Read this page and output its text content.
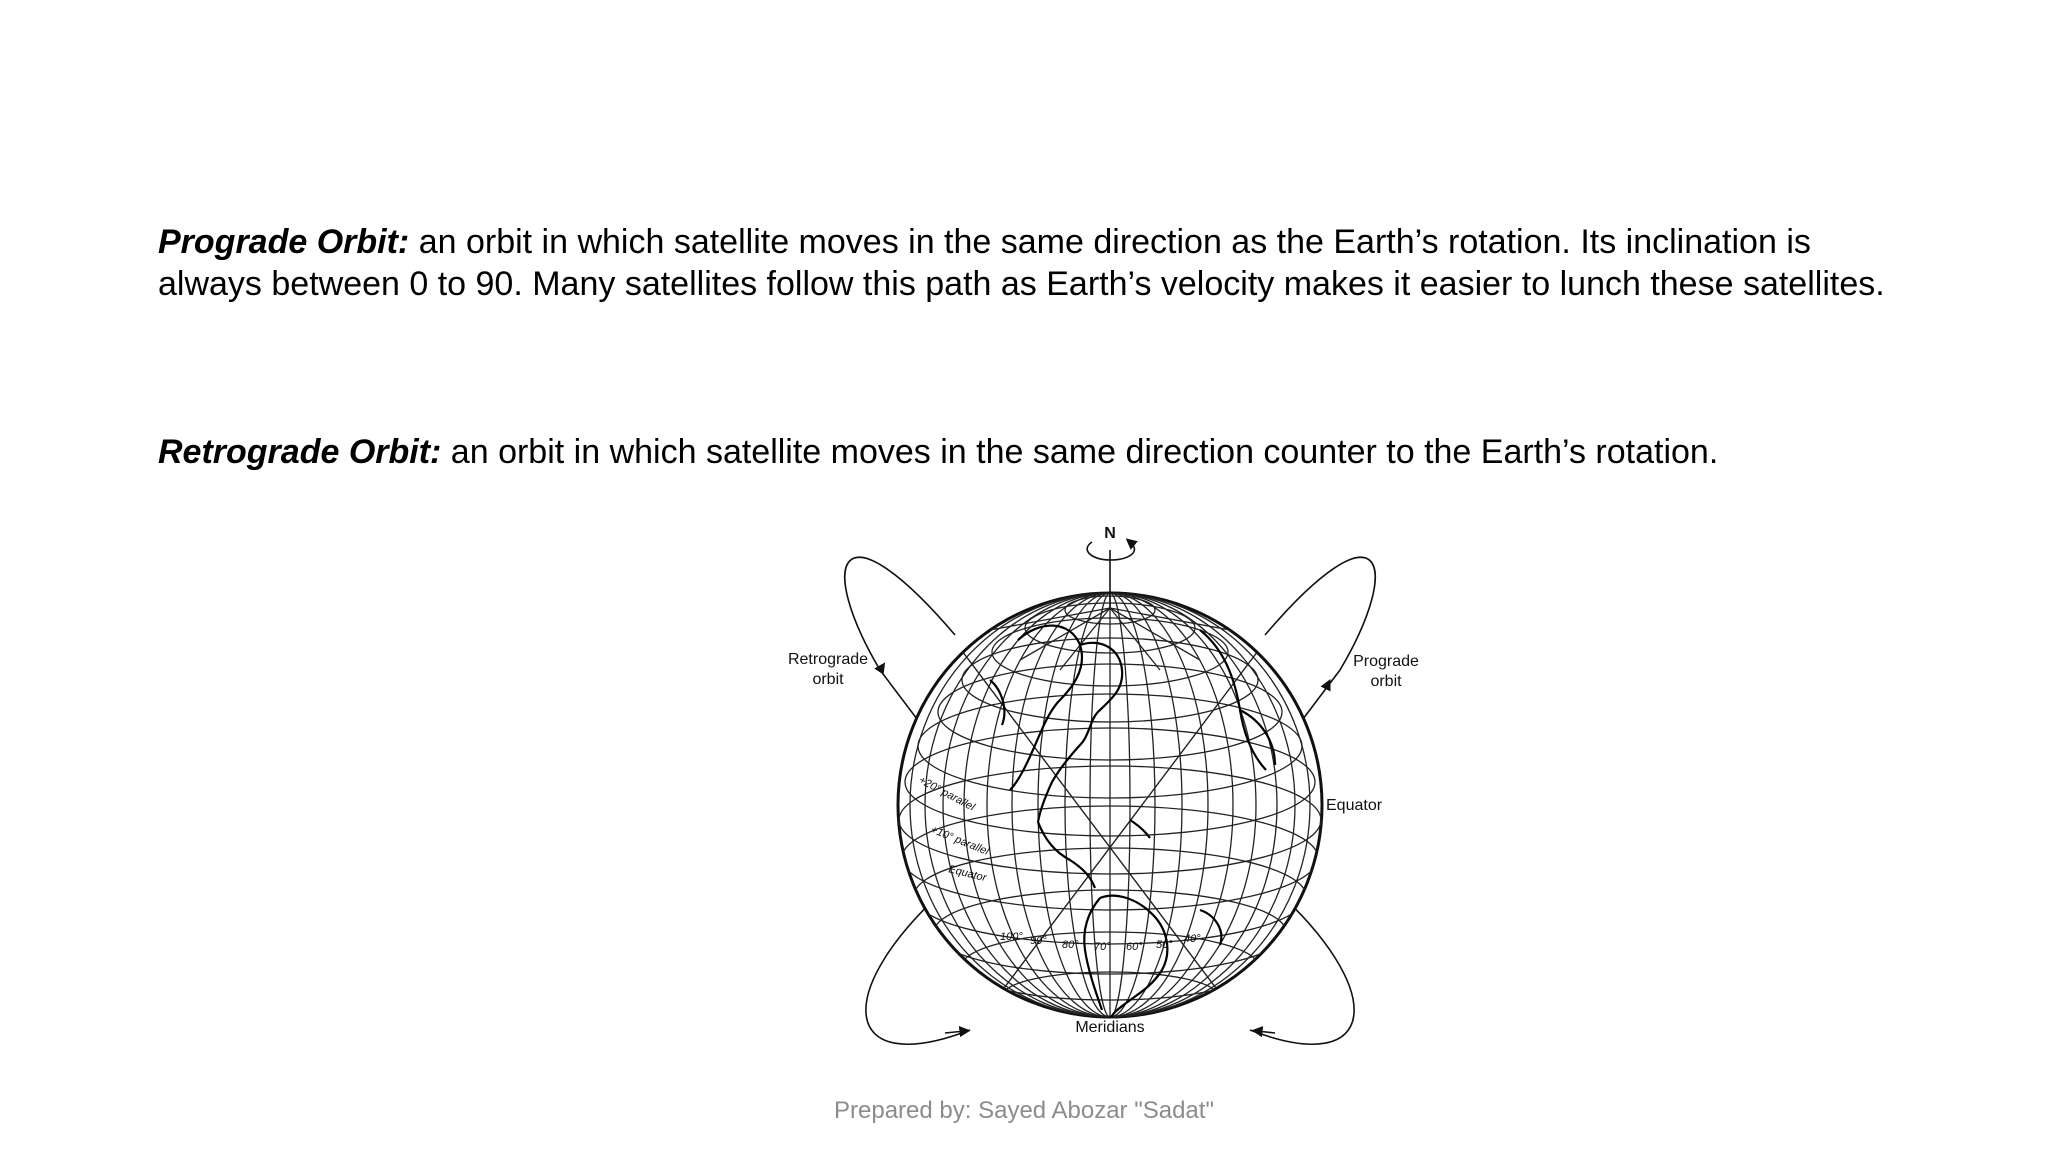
Prograde Orbit: an orbit in which satellite moves in the same direction as the Earth’s rotation. Its inclination is always between 0 to 90. Many satellites follow this path as Earth’s velocity makes it easier to lunch these satellites.

Retrograde Orbit: an orbit in which satellite moves in the same direction counter to the Earth’s rotation.

N
Retrograde
orbit
Prograde
orbit
Equator
Meridians
+20° parallel
+10° parallel
Equator
100° 90° 80° 70° 60° 50° 40°
Prepared by: Sayed Abozar "Sadat"
